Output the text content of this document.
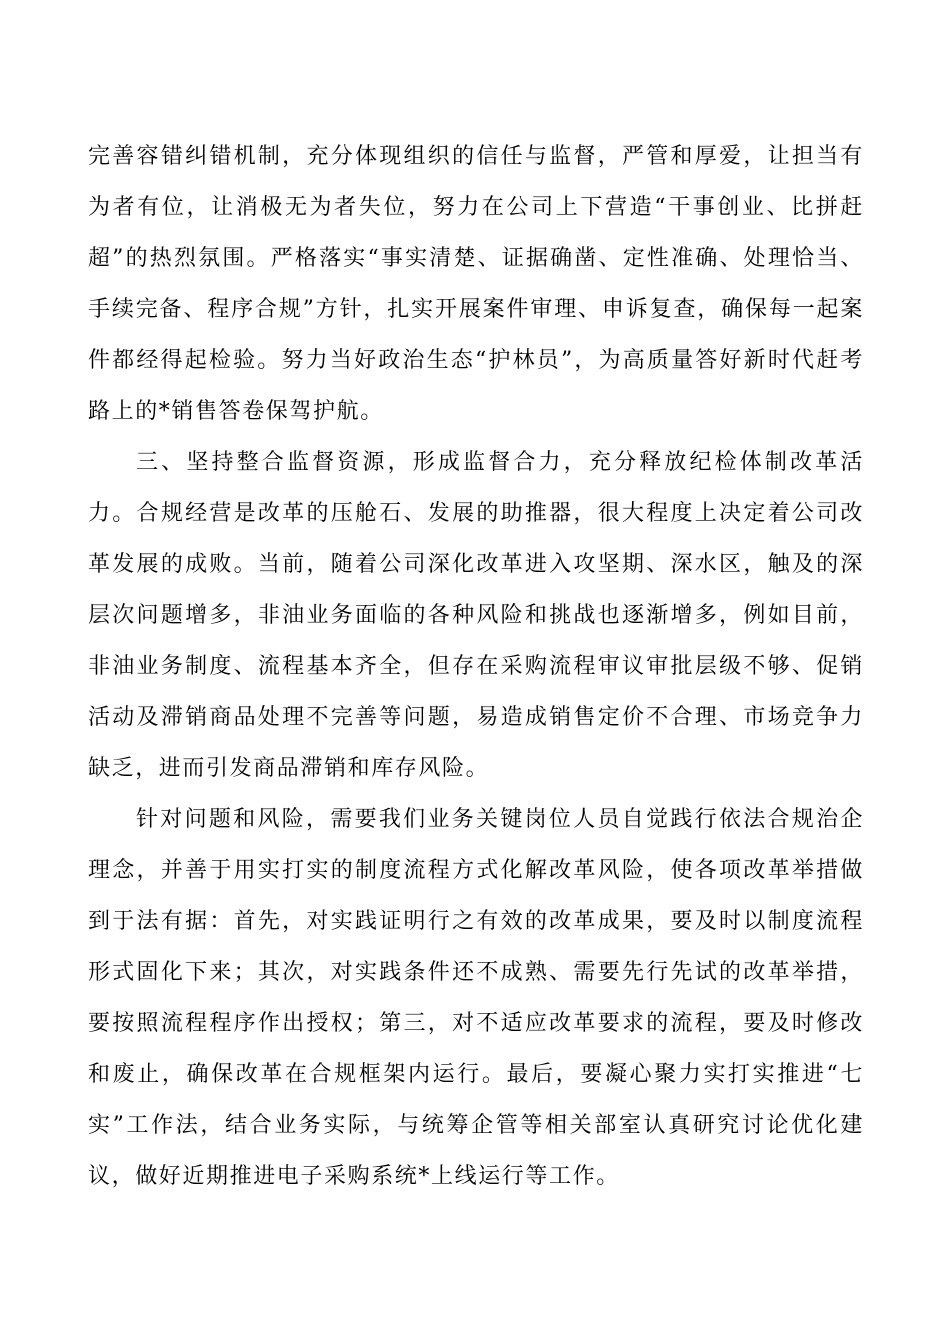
完善容错纠错机制，充分体现组织的信任与监督，严管和厚爱，让担当有为者有位，让消极无为者失位，努力在公司上下营造“干事创业、比拼赶超”的热烈氛围。严格落实“事实清楚、证据确凿、定性准确、处理恰当、手续完备、程序合规”方针，扎实开展案件审理、申诉复查，确保每一起案件都经得起检验。努力当好政治生态“护林员”，为高质量答好新时代赶考路上的*销售答卷保驾护航。

三、坚持整合监督资源，形成监督合力，充分释放纪检体制改革活力。合规经营是改革的压舱石、发展的助推器，很大程度上决定着公司改革发展的成败。当前，随着公司深化改革进入攻坚期、深水区，触及的深层次问题增多，非油业务面临的各种风险和挑战也逐渐增多，例如目前，非油业务制度、流程基本齐全，但存在采购流程审议审批层级不够、促销活动及滞销商品处理不完善等问题，易造成销售定价不合理、市场竞争力缺乏，进而引发商品滞销和库存风险。

针对问题和风险，需要我们业务关键岗位人员自觉践行依法合规治企理念，并善于用实打实的制度流程方式化解改革风险，使各项改革举措做到于法有据：首先，对实践证明行之有效的改革成果，要及时以制度流程形式固化下来；其次，对实践条件还不成熟、需要先行先试的改革举措，要按照流程程序作出授权；第三，对不适应改革要求的流程，要及时修改和废止，确保改革在合规框架内运行。最后，要凝心聚力实打实推进“七实”工作法，结合业务实际，与统筹企管等相关部室认真研究讨论优化建议，做好近期推进电子采购系统*上线运行等工作。
